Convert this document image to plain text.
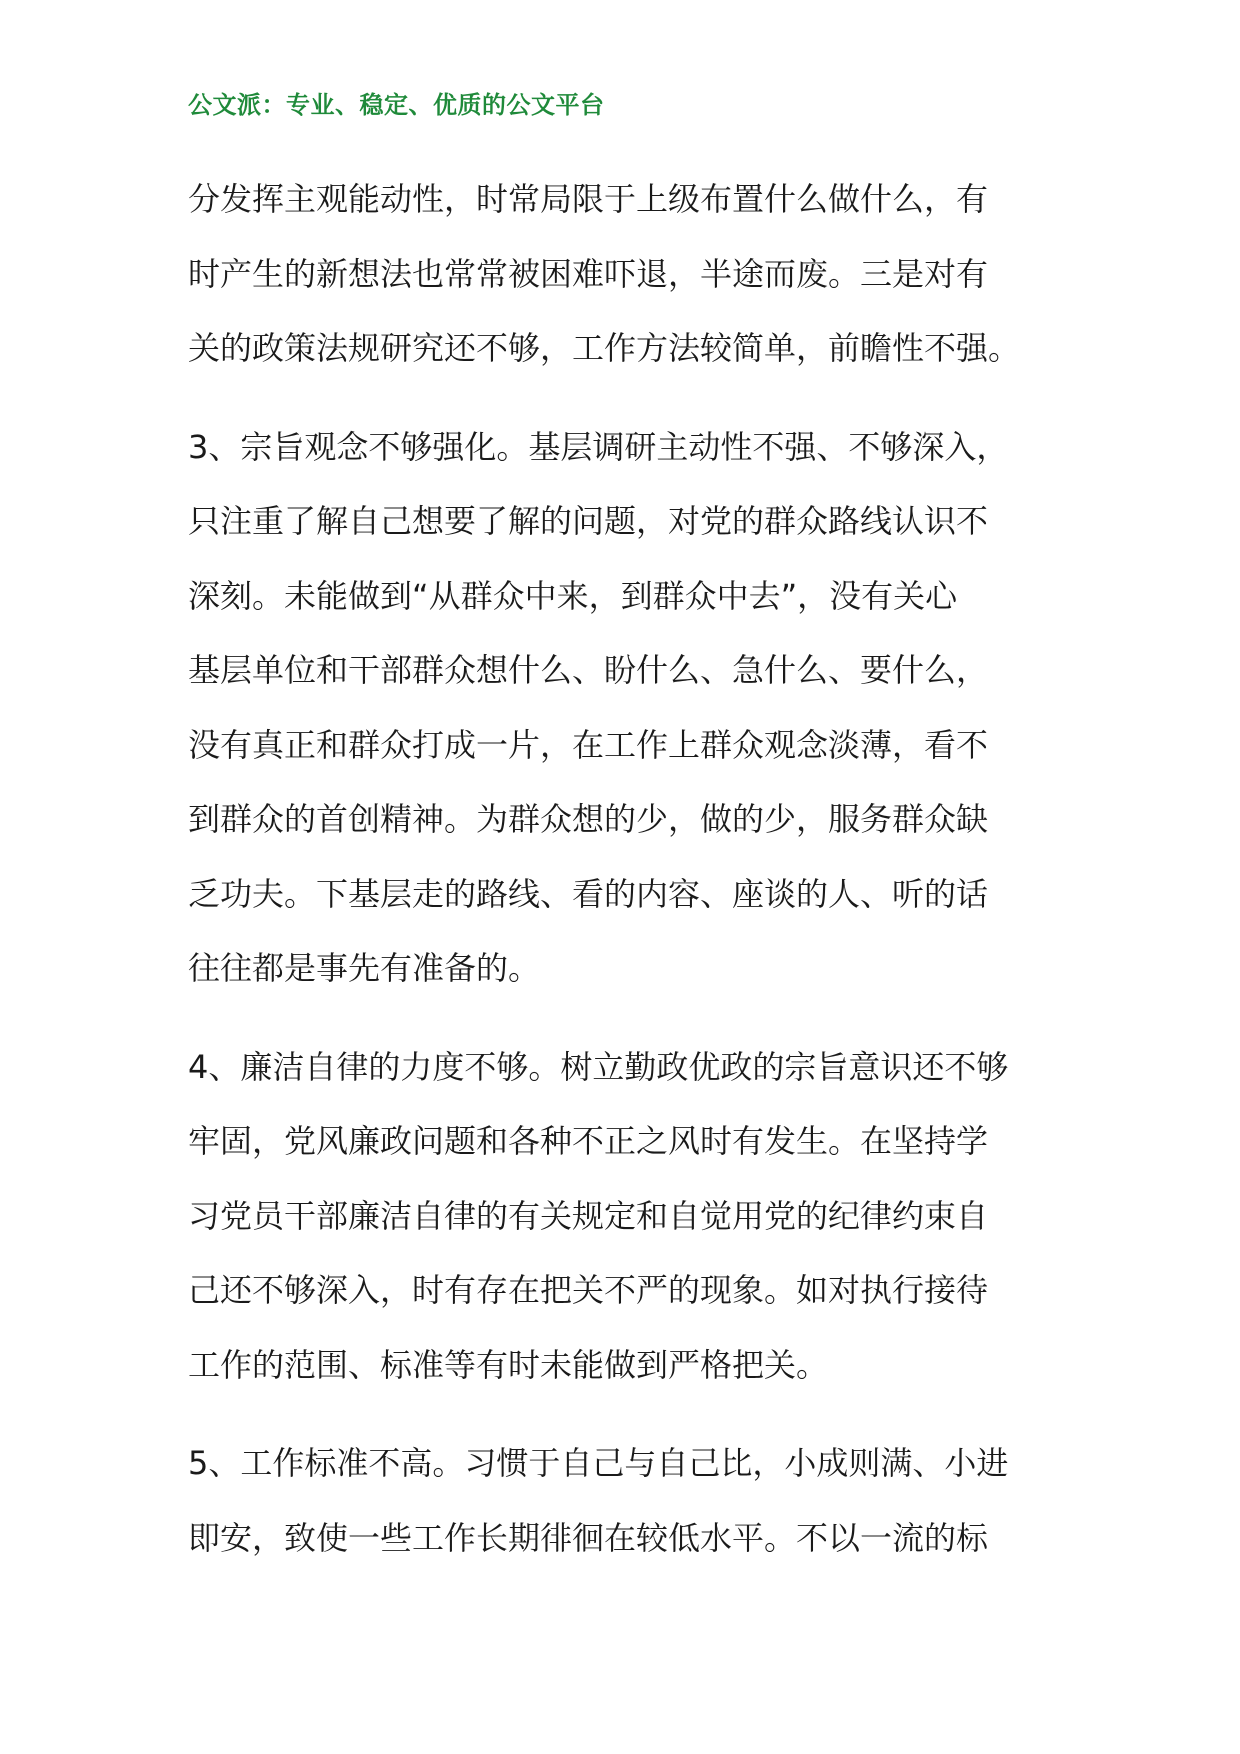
公文派：专业、稳定、优质的公文平台
分发挥主观能动性，时常局限于上级布置什么做什么，有
时产生的新想法也常常被困难吓退，半途而废。三是对有
关的政策法规研究还不够，工作方法较简单，前瞻性不强。
3、宗旨观念不够强化。基层调研主动性不强、不够深入，
只注重了解自己想要了解的问题，对党的群众路线认识不
深刻。未能做到“从群众中来，到群众中去”，没有关心
基层单位和干部群众想什么、盼什么、急什么、要什么，
没有真正和群众打成一片，在工作上群众观念淡薄，看不
到群众的首创精神。为群众想的少，做的少，服务群众缺
乏功夫。下基层走的路线、看的内容、座谈的人、听的话
往往都是事先有准备的。
4、廉洁自律的力度不够。树立勤政优政的宗旨意识还不够
牢固，党风廉政问题和各种不正之风时有发生。在坚持学
习党员干部廉洁自律的有关规定和自觉用党的纪律约束自
己还不够深入，时有存在把关不严的现象。如对执行接待
工作的范围、标准等有时未能做到严格把关。
5、工作标准不高。习惯于自己与自己比，小成则满、小进
即安，致使一些工作长期徘徊在较低水平。不以一流的标
